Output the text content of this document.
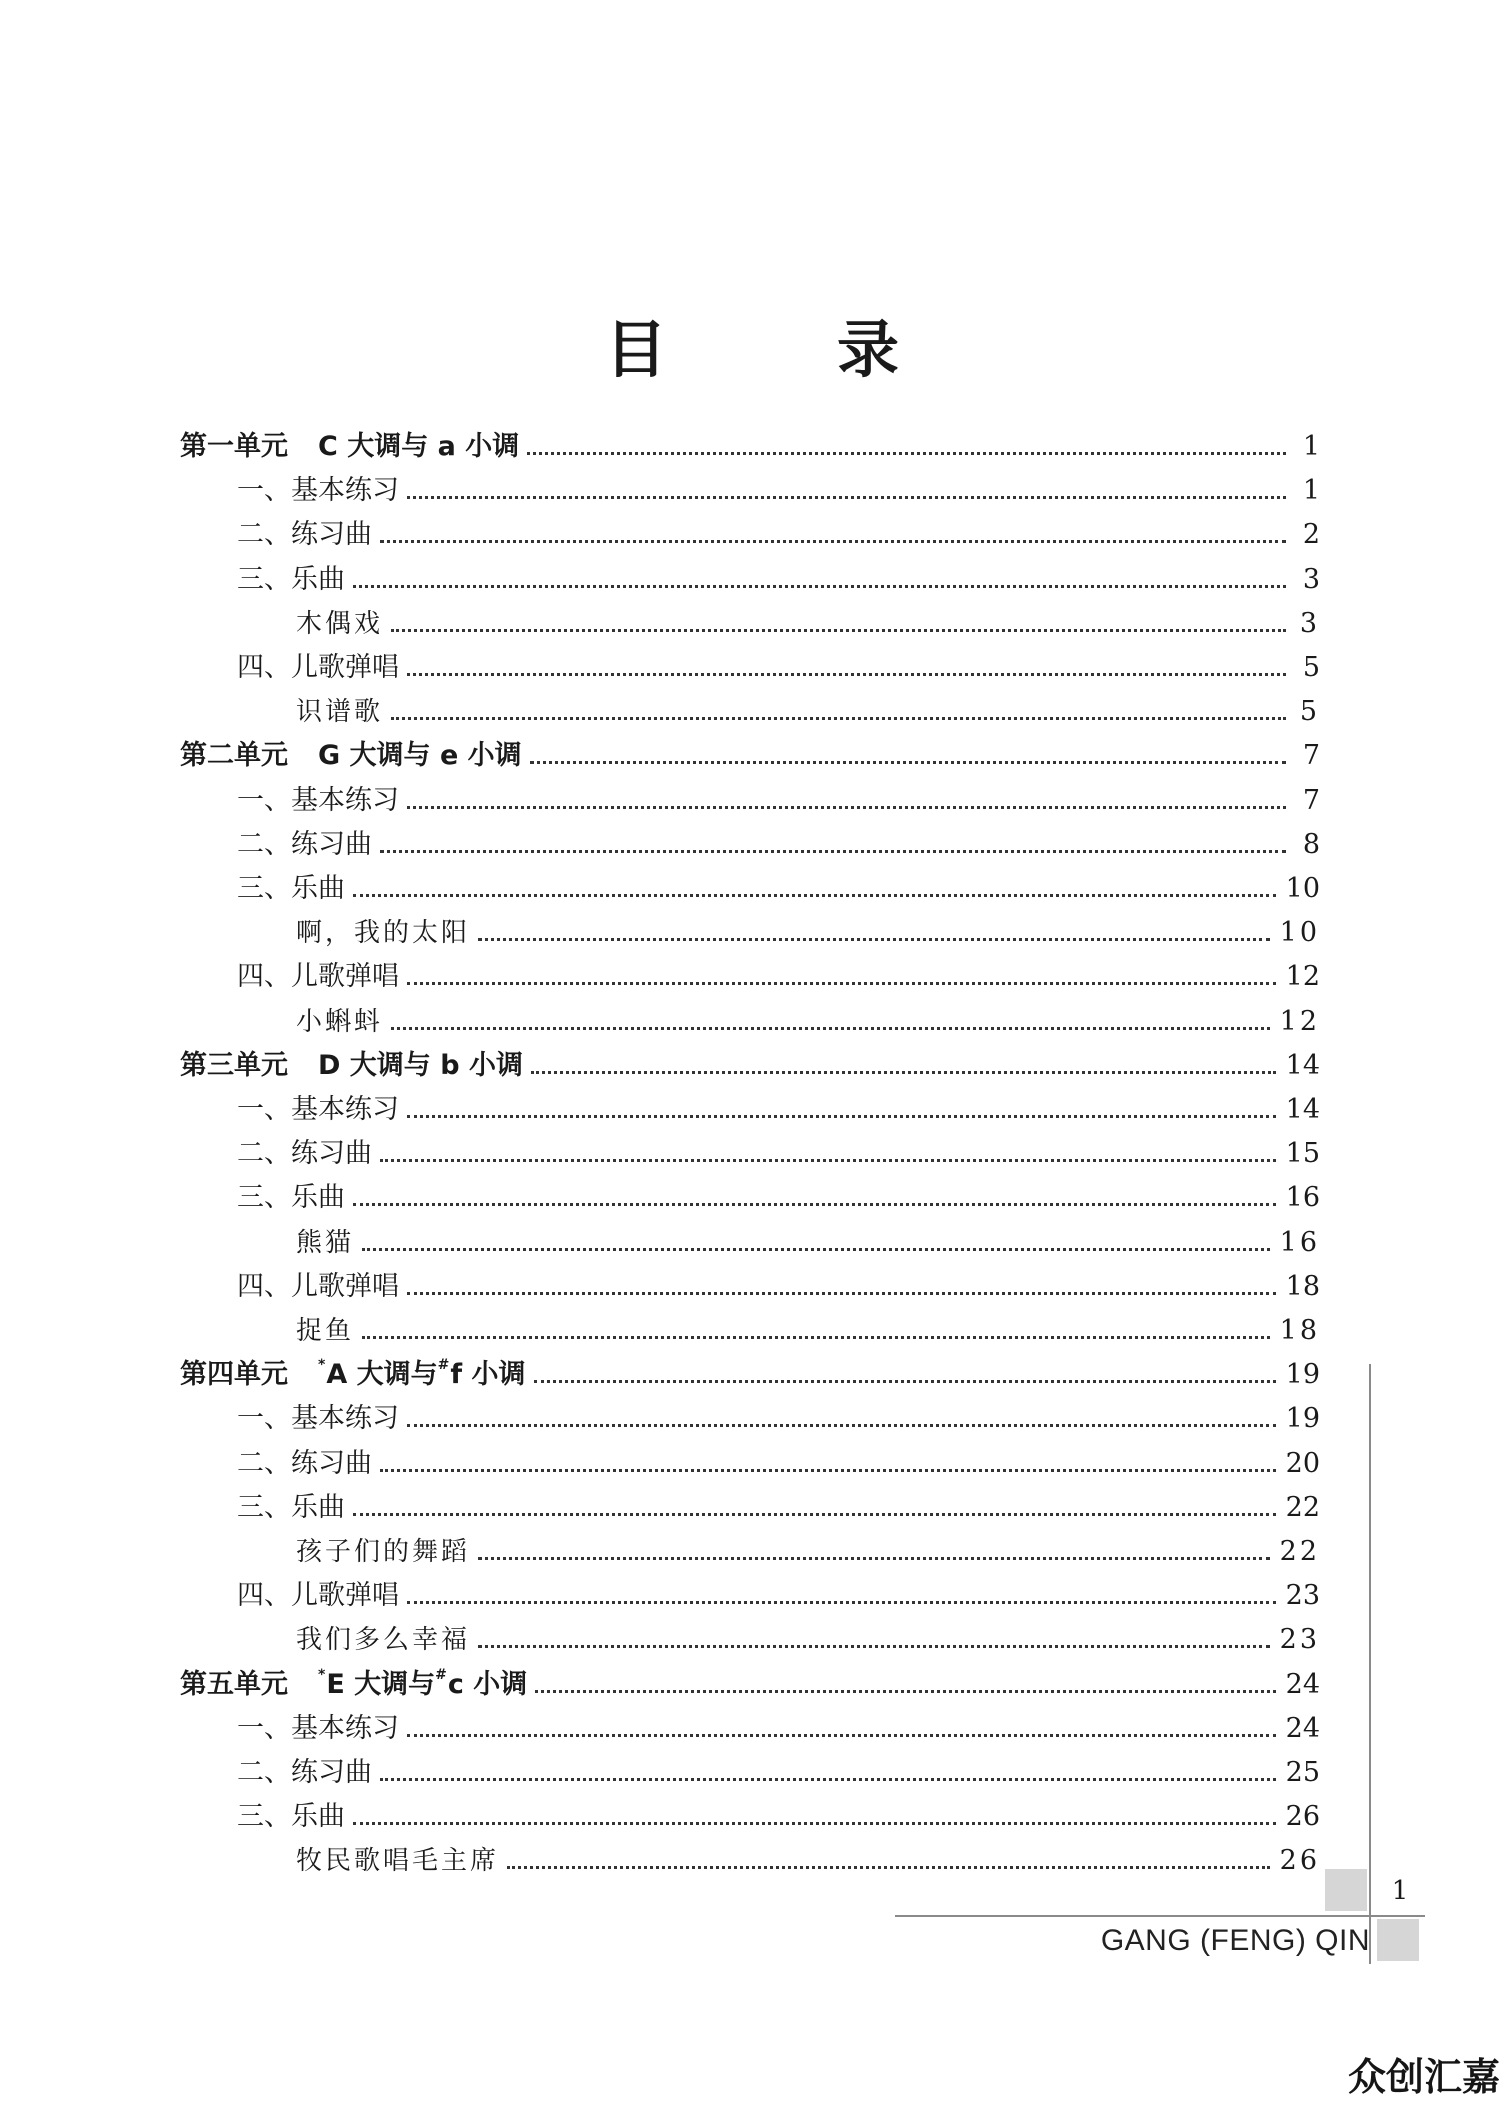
目	录
第一单元 C 大调与 a 小调	1
一、基本练习	1
二、练习曲	2
三、乐曲	3
木偶戏	3
四、儿歌弹唱	5
识谱歌	5
第二单元 G 大调与 e 小调	7
一、基本练习	7
二、练习曲	8
三、乐曲	10
啊，我的太阳	10
四、儿歌弹唱	12
小蝌蚪	12
第三单元 D 大调与 b 小调	14
一、基本练习	14
二、练习曲	15
三、乐曲	16
熊猫	16
四、儿歌弹唱	18
捉鱼	18
第四单元 *A 大调与#f 小调	19
一、基本练习	19
二、练习曲	20
三、乐曲	22
孩子们的舞蹈	22
四、儿歌弹唱	23
我们多么幸福	23
第五单元 *E 大调与#c 小调	24
一、基本练习	24
二、练习曲	25
三、乐曲	26
牧民歌唱毛主席	26
1
GANG (FENG) QIN
众创汇嘉
